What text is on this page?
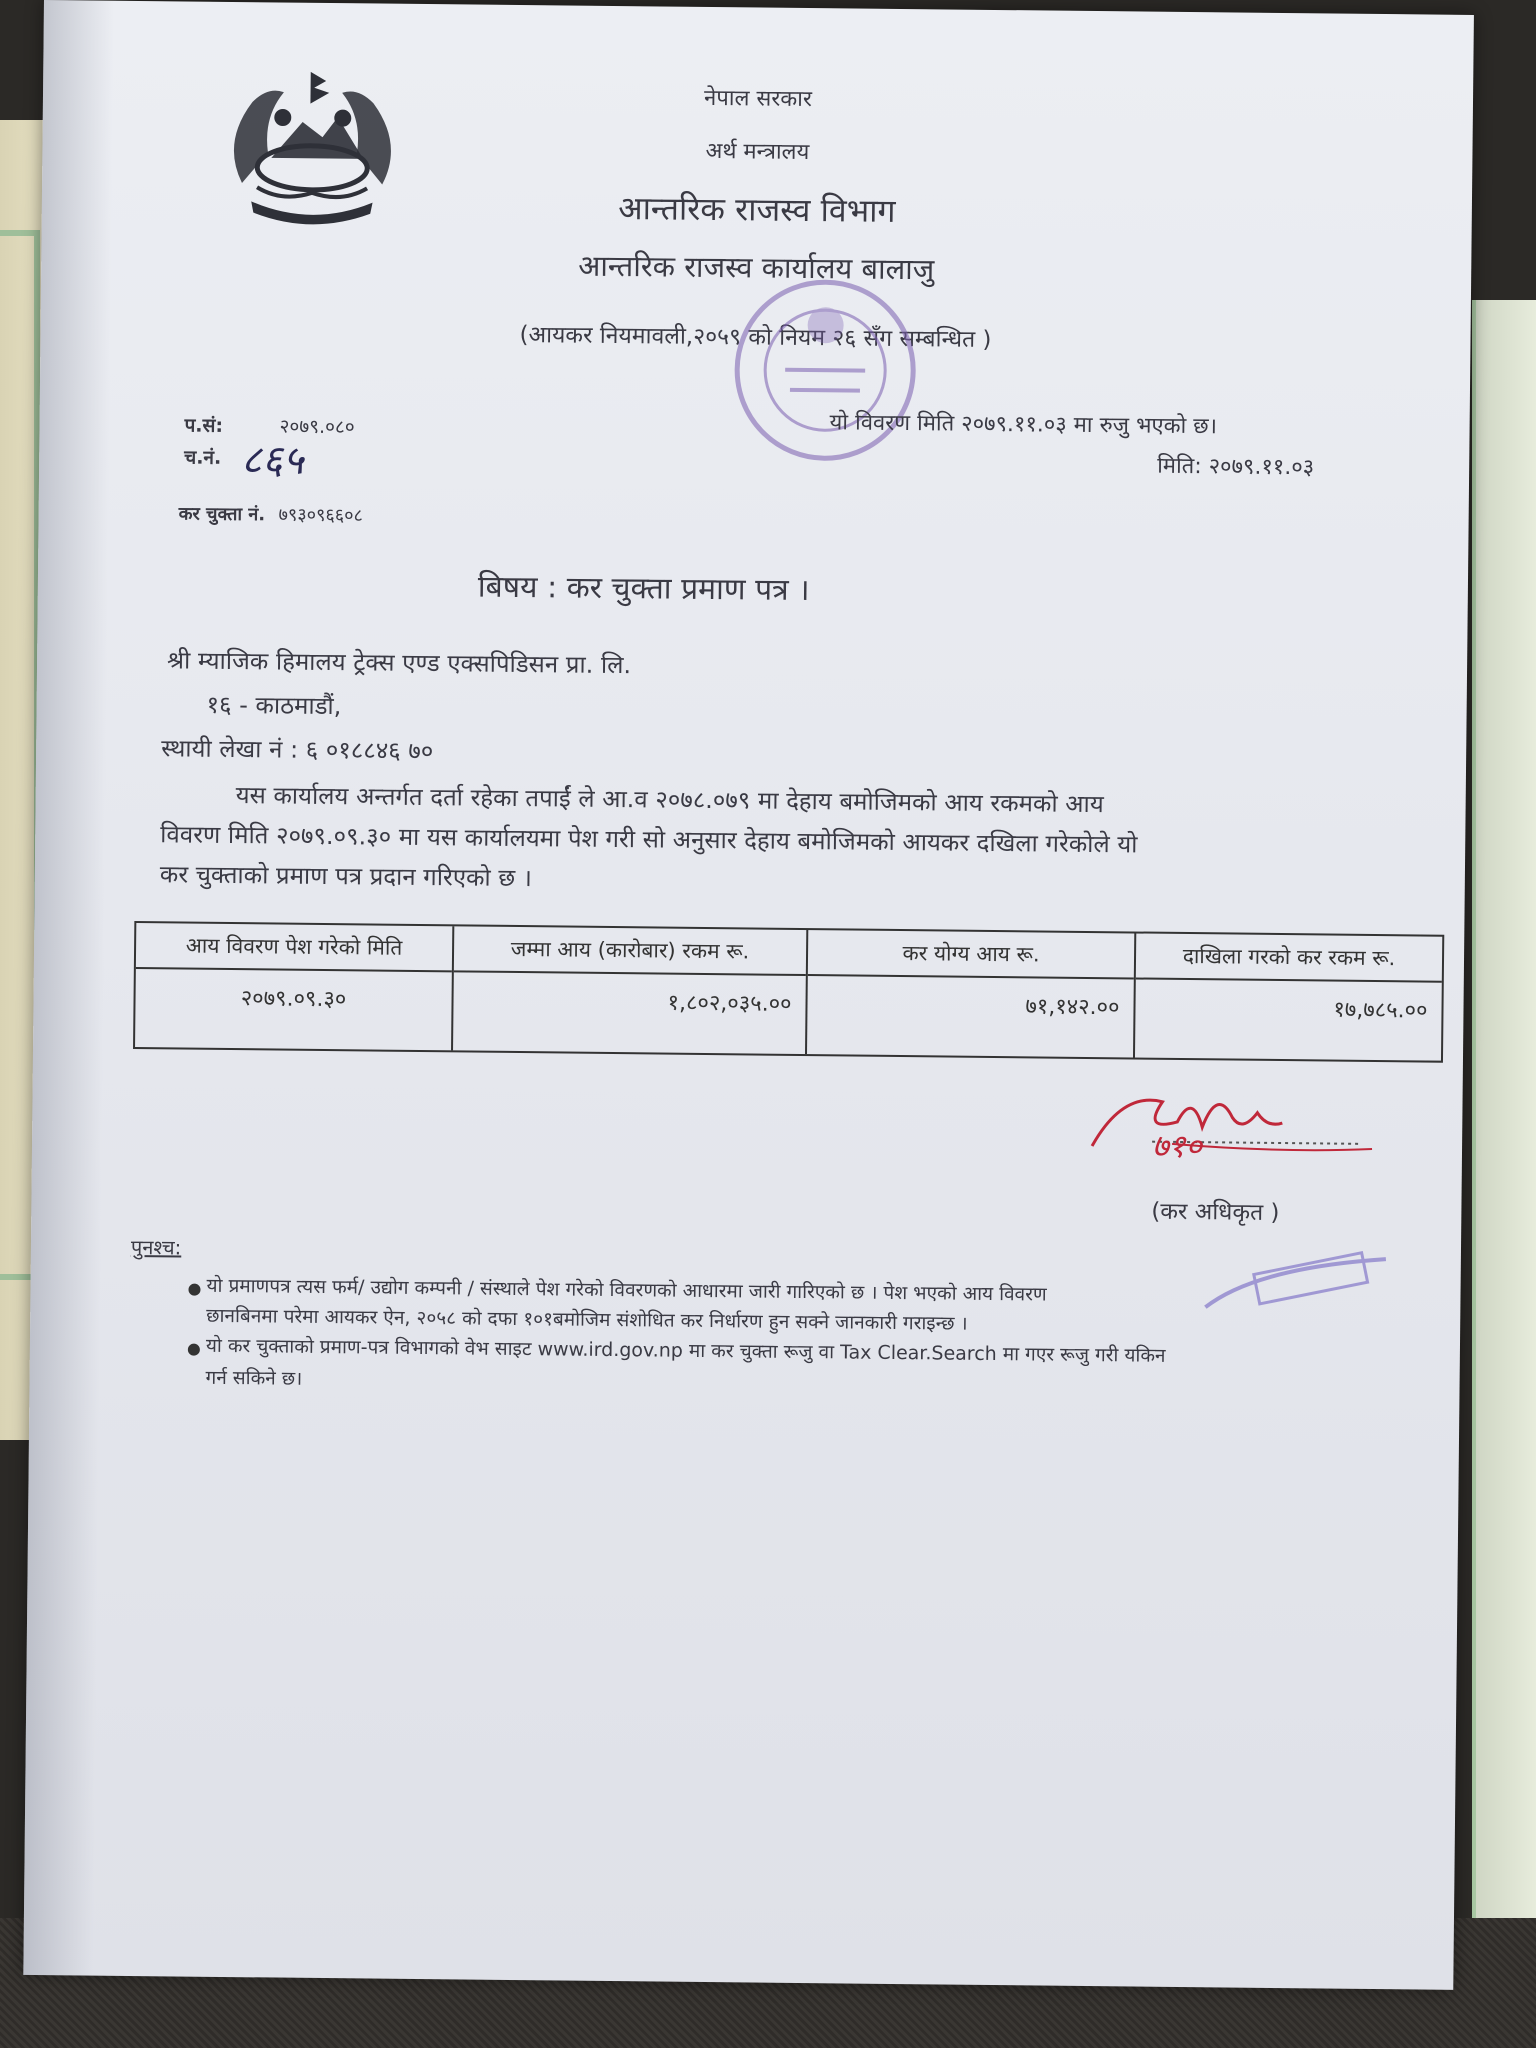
नेपाल सरकार
अर्थ मन्त्रालय
आन्तरिक राजस्व विभाग
आन्तरिक राजस्व कार्यालय बालाजु
(आयकर नियमावली,२०५९ को नियम २६ सँग सम्बन्धित )
प.सं:	२०७९.०८०
च.नं. ८६५
कर चुक्ता नं. ७९३०९६६०८
यो विवरण मिति २०७९.११.०३ मा रुजु भएको छ।
मिति: २०७९.११.०३
बिषय : कर चुक्ता प्रमाण पत्र ।
श्री म्याजिक हिमालय ट्रेक्स एण्ड एक्सपिडिसन प्रा. लि.
१६ - काठमाडौं,
स्थायी लेखा नं : ६ ०१८८४६ ७०
यस कार्यालय अन्तर्गत दर्ता रहेका तपाईं ले आ.व २०७८.०७९ मा देहाय बमोजिमको आय रकमको आय
विवरण मिति २०७९.०९.३० मा यस कार्यालयमा पेश गरी सो अनुसार देहाय बमोजिमको आयकर दखिला गरेकोले यो
कर चुक्ताको प्रमाण पत्र प्रदान गरिएको छ ।
आय विवरण पेश गरेको मिति
२०७९.०९.३०
जम्मा आय (कारोबार) रकम रू.
१,८०२,०३५.००
कर योग्य आय रू.
७१,१४२.००
दाखिला गरको कर रकम रू.
१७,७८५.००
७१०
(कर अधिकृत )
पुनश्च:
यो प्रमाणपत्र त्यस फर्म/ उद्योग कम्पनी / संस्थाले पेश गरेको विवरणको आधारमा जारी गारिएको छ । पेश भएको आय विवरण
छानबिनमा परेमा आयकर ऐन, २०५८ को दफा १०१बमोजिम संशोधित कर निर्धारण हुन सक्ने जानकारी गराइन्छ ।
यो कर चुक्ताको प्रमाण-पत्र विभागको वेभ साइट www.ird.gov.np मा कर चुक्ता रूजु वा Tax Clear.Search मा गएर रूजु गरी यकिन
गर्न सकिने छ।
